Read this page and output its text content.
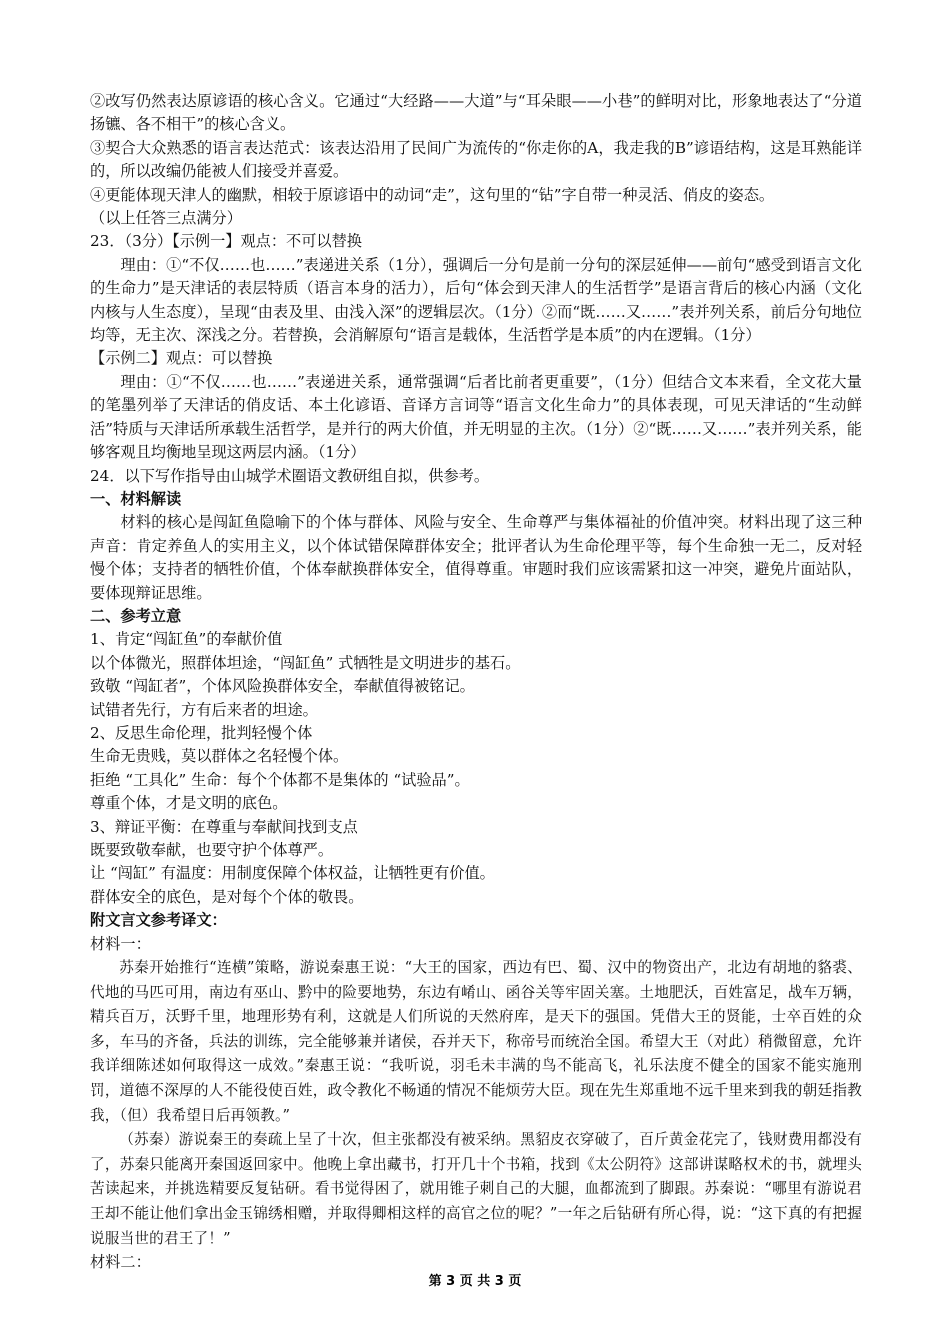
②改写仍然表达原谚语的核心含义。它通过“大经路——大道”与“耳朵眼——小巷”的鲜明对比，形象地表达了“分道扬镳、各不相干”的核心含义。

③契合大众熟悉的语言表达范式：该表达沿用了民间广为流传的“你走你的A，我走我的B”谚语结构，这是耳熟能详的，所以改编仍能被人们接受并喜爱。

④更能体现天津人的幽默，相较于原谚语中的动词“走”，这句里的“钻”字自带一种灵活、俏皮的姿态。

（以上任答三点满分）

23．（3分）【示例一】观点：不可以替换

理由：①“不仅……也……”表递进关系（1分），强调后一分句是前一分句的深层延伸——前句“感受到语言文化的生命力”是天津话的表层特质（语言本身的活力），后句“体会到天津人的生活哲学”是语言背后的核心内涵（文化内核与人生态度），呈现“由表及里、由浅入深”的逻辑层次。（1分）②而“既……又……”表并列关系，前后分句地位均等，无主次、深浅之分。若替换，会消解原句“语言是载体，生活哲学是本质”的内在逻辑。（1分）

【示例二】观点：可以替换

理由：①“不仅……也……”表递进关系，通常强调“后者比前者更重要”，（1分）但结合文本来看，全文花大量的笔墨列举了天津话的俏皮话、本土化谚语、音译方言词等“语言文化生命力”的具体表现，可见天津话的“生动鲜活”特质与天津话所承载生活哲学，是并行的两大价值，并无明显的主次。（1分）②“既……又……”表并列关系，能够客观且均衡地呈现这两层内涵。（1分）

24．以下写作指导由山城学术圈语文教研组自拟，供参考。

一、材料解读

材料的核心是闯缸鱼隐喻下的个体与群体、风险与安全、生命尊严与集体福祉的价值冲突。材料出现了这三种声音：肯定养鱼人的实用主义，以个体试错保障群体安全；批评者认为生命伦理平等，每个生命独一无二，反对轻慢个体；支持者的牺牲价值，个体奉献换群体安全，值得尊重。审题时我们应该需紧扣这一冲突，避免片面站队，要体现辩证思维。

二、参考立意

1、肯定“闯缸鱼”的奉献价值

以个体微光，照群体坦途，“闯缸鱼” 式牺牲是文明进步的基石。

致敬 “闯缸者”，个体风险换群体安全，奉献值得被铭记。

试错者先行，方有后来者的坦途。

2、反思生命伦理，批判轻慢个体

生命无贵贱，莫以群体之名轻慢个体。

拒绝 “工具化” 生命：每个个体都不是集体的 “试验品”。

尊重个体，才是文明的底色。

3、辩证平衡：在尊重与奉献间找到支点

既要致敬奉献，也要守护个体尊严。

让 “闯缸” 有温度：用制度保障个体权益，让牺牲更有价值。

群体安全的底色，是对每个个体的敬畏。

附文言文参考译文：

材料一：

苏秦开始推行“连横”策略，游说秦惠王说：“大王的国家，西边有巴、蜀、汉中的物资出产，北边有胡地的貉裘、代地的马匹可用，南边有巫山、黔中的险要地势，东边有崤山、函谷关等牢固关塞。土地肥沃，百姓富足，战车万辆，精兵百万，沃野千里，地理形势有利，这就是人们所说的天然府库，是天下的强国。凭借大王的贤能，士卒百姓的众多，车马的齐备，兵法的训练，完全能够兼并诸侯，吞并天下，称帝号而统治全国。希望大王（对此）稍微留意，允许我详细陈述如何取得这一成效。”秦惠王说：“我听说，羽毛未丰满的鸟不能高飞，礼乐法度不健全的国家不能实施刑罚，道德不深厚的人不能役使百姓，政令教化不畅通的情况不能烦劳大臣。现在先生郑重地不远千里来到我的朝廷指教我，（但）我希望日后再领教。”

（苏秦）游说秦王的奏疏上呈了十次，但主张都没有被采纳。黑貂皮衣穿破了，百斤黄金花完了，钱财费用都没有了，苏秦只能离开秦国返回家中。他晚上拿出藏书，打开几十个书箱，找到《太公阴符》这部讲谋略权术的书，就埋头苦读起来，并挑选精要反复钻研。看书觉得困了，就用锥子刺自己的大腿，血都流到了脚跟。苏秦说：“哪里有游说君王却不能让他们拿出金玉锦绣相赠，并取得卿相这样的高官之位的呢？”一年之后钻研有所心得，说：“这下真的有把握说服当世的君王了！”

材料二：

第 3 页 共 3 页
